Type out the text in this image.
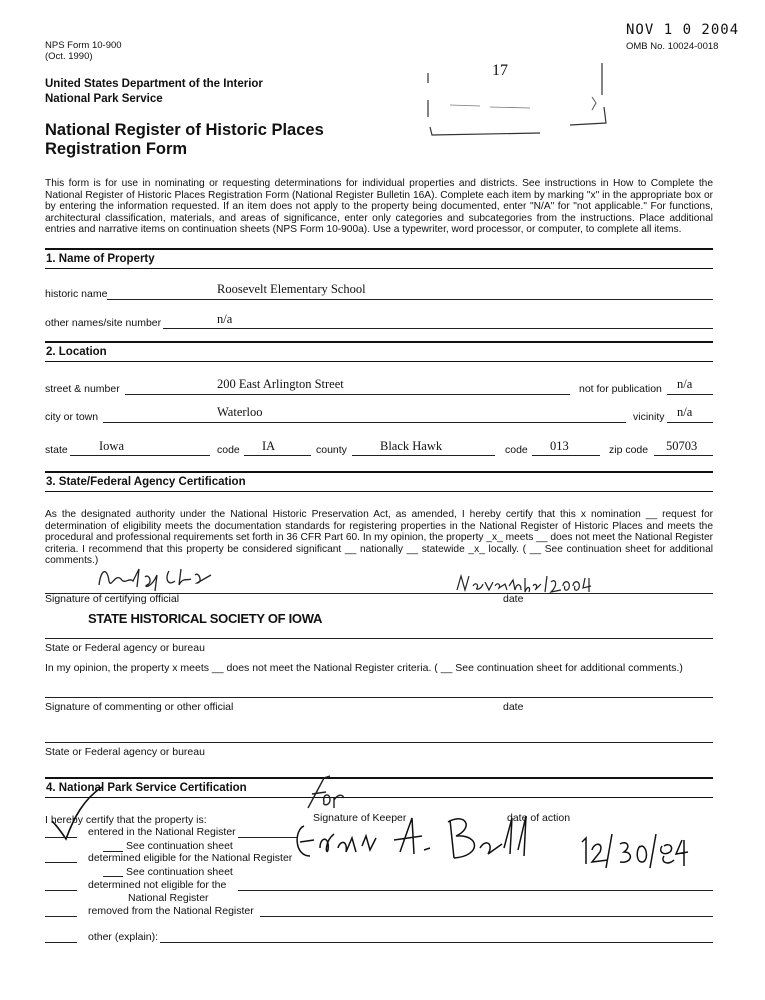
NPS Form 10-900
(Oct. 1990)
NOV 1 0 2004
OMB No. 10024-0018
17
United States Department of the Interior
National Park Service
National Register of Historic Places
Registration Form
This form is for use in nominating or requesting determinations for individual properties and districts. See instructions in How to Complete the National Register of Historic Places Registration Form (National Register Bulletin 16A). Complete each item by marking "x" in the appropriate box or by entering the information requested. If an item does not apply to the property being documented, enter "N/A" for "not applicable." For functions, architectural classification, materials, and areas of significance, enter only categories and subcategories from the instructions. Place additional entries and narrative items on continuation sheets (NPS Form 10-900a). Use a typewriter, word processor, or computer, to complete all items.
1. Name of Property
historic name	Roosevelt Elementary School
other names/site number	n/a
2. Location
street & number	200 East Arlington Street	not for publication n/a
city or town	Waterloo	vicinity n/a
state Iowa	code IA	county	Black Hawk	code 013	zip code 50703
3. State/Federal Agency Certification
As the designated authority under the National Historic Preservation Act, as amended, I hereby certify that this x nomination __ request for determination of eligibility meets the documentation standards for registering properties in the National Register of Historic Places and meets the procedural and professional requirements set forth in 36 CFR Part 60. In my opinion, the property _x_ meets __ does not meet the National Register criteria. I recommend that this property be considered significant __ nationally __ statewide _x_ locally. ( __ See continuation sheet for additional comments.)
Signature of certifying official	date
STATE HISTORICAL SOCIETY OF IOWA
State or Federal agency or bureau
In my opinion, the property x meets __ does not meet the National Register criteria. ( __ See continuation sheet for additional comments.)
Signature of commenting or other official	date
State or Federal agency or bureau
4. National Park Service Certification
I hereby certify that the property is:	Signature of Keeper	date of action
entered in the National Register
See continuation sheet
determined eligible for the National Register
See continuation sheet
determined not eligible for the
National Register
removed from the National Register
other (explain):
